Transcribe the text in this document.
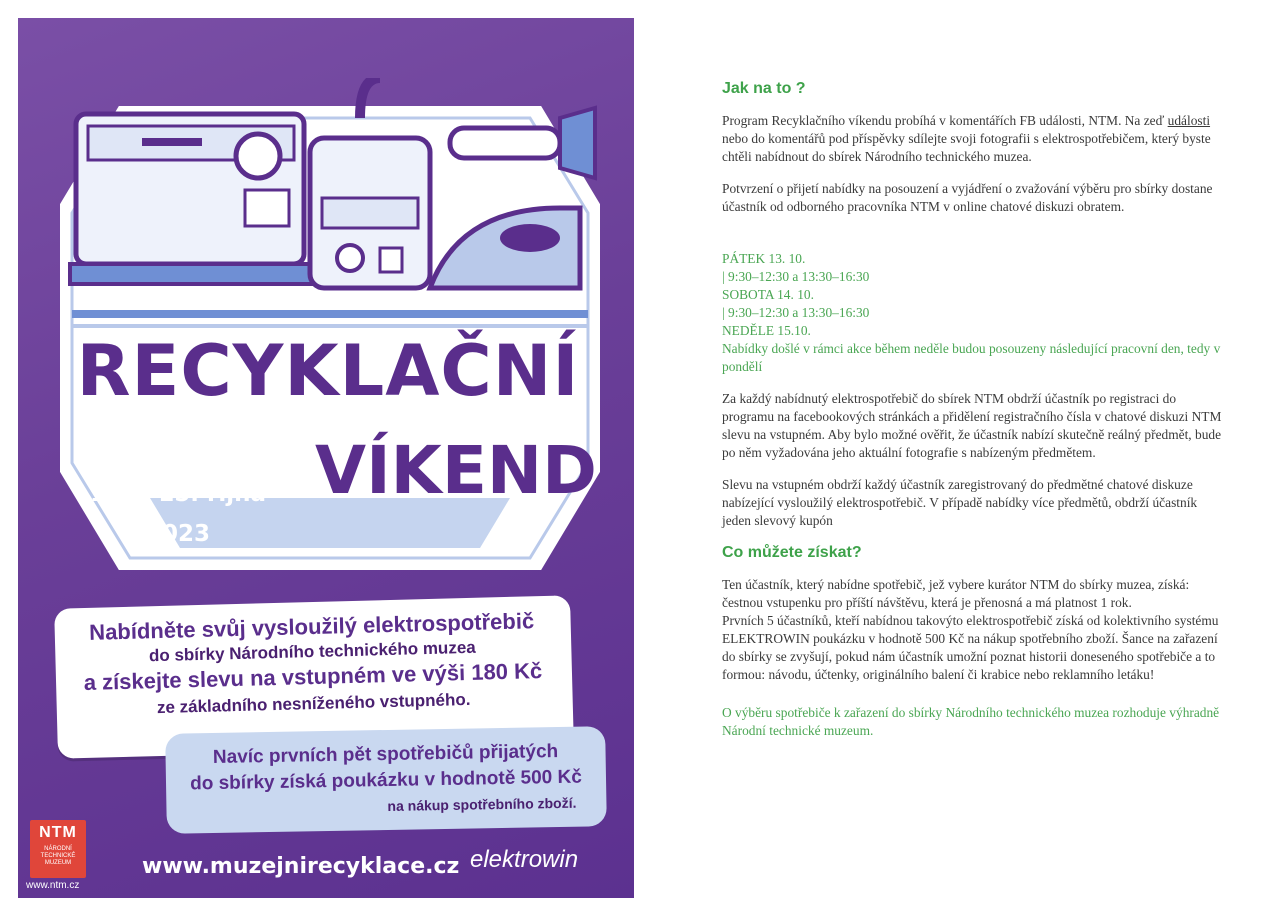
RECYKLAČNÍ
VÍKEND
13. – 15. října 2023
Nabídněte svůj vysloužilý elektrospotřebič
do sbírky Národního technického muzea
a získejte slevu na vstupném ve výši 180 Kč
ze základního nesníženého vstupného.
Navíc prvních pět spotřebičů přijatých
do sbírky získá poukázku v hodnotě 500 Kč
na nákup spotřebního zboží.
NTM
NÁRODNÍ TECHNICKÉ MUZEUM
www.ntm.cz
www.muzejnirecyklace.cz elektrowin
Jak na to ?

Program Recyklačního víkendu probíhá v komentářích FB události, NTM. Na zeď události nebo do komentářů pod příspěvky sdílejte svoji fotografii s elektrospotřebičem, který byste chtěli nabídnout do sbírek Národního technického muzea.

Potvrzení o přijetí nabídky na posouzení a vyjádření o zvažování výběru pro sbírky dostane účastník od odborného pracovníka NTM v online chatové diskuzi obratem.

PÁTEK 13. 10.
| 9:30–12:30 a 13:30–16:30
SOBOTA 14. 10.
| 9:30–12:30 a 13:30–16:30
NEDĚLE 15.10.
Nabídky došlé v rámci akce během neděle budou posouzeny následující pracovní den, tedy v pondělí

Za každý nabídnutý elektrospotřebič do sbírek NTM obdrží účastník po registraci do programu na facebookových stránkách a přidělení registračního čísla v chatové diskuzi NTM slevu na vstupném. Aby bylo možné ověřit, že účastník nabízí skutečně reálný předmět, bude po něm vyžadována jeho aktuální fotografie s nabízeným předmětem.

Slevu na vstupném obdrží každý účastník zaregistrovaný do předmětné chatové diskuze nabízející vysloužilý elektrospotřebič. V případě nabídky více předmětů, obdrží účastník jeden slevový kupón

Co můžete získat?

Ten účastník, který nabídne spotřebič, jež vybere kurátor NTM do sbírky muzea, získá:

čestnou vstupenku pro příští návštěvu, která je přenosná a má platnost 1 rok.

Prvních 5 účastníků, kteří nabídnou takovýto elektrospotřebič získá od kolektivního systému ELEKTROWIN poukázku v hodnotě 500 Kč na nákup spotřebního zboží. Šance na zařazení do sbírky se zvyšují, pokud nám účastník umožní poznat historii doneseného spotřebiče a to formou: návodu, účtenky, originálního balení či krabice nebo reklamního letáku!

O výběru spotřebiče k zařazení do sbírky Národního technického muzea rozhoduje výhradně Národní technické muzeum.
